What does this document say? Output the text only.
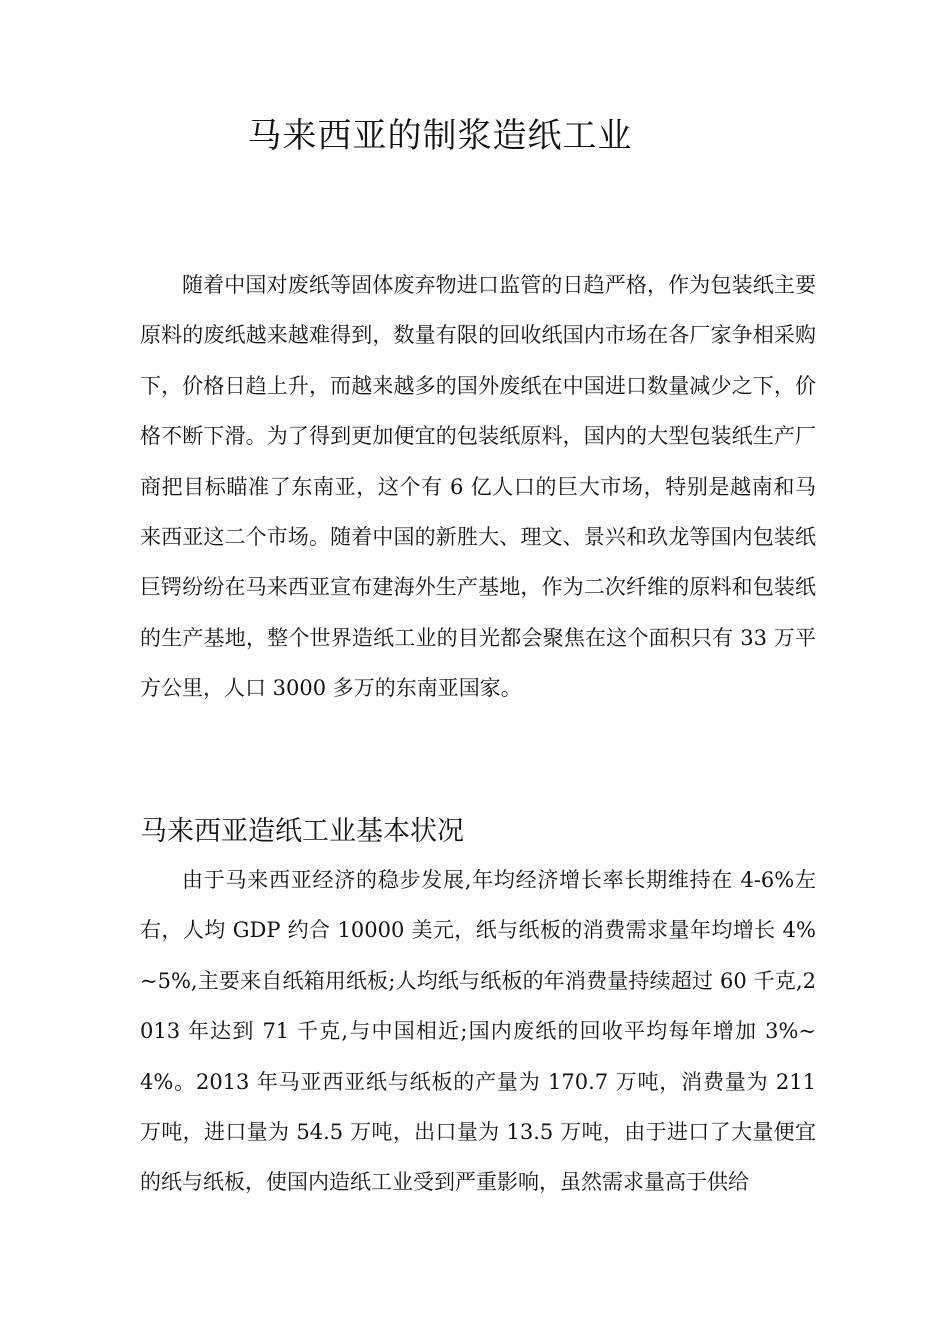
马来西亚的制浆造纸工业

随着中国对废纸等固体废弃物进口监管的日趋严格，作为包装纸主要原料的废纸越来越难得到，数量有限的回收纸国内市场在各厂家争相采购下，价格日趋上升，而越来越多的国外废纸在中国进口数量减少之下，价格不断下滑。为了得到更加便宜的包装纸原料，国内的大型包装纸生产厂商把目标瞄准了东南亚，这个有 6 亿人口的巨大市场，特别是越南和马来西亚这二个市场。随着中国的新胜大、理文、景兴和玖龙等国内包装纸巨锷纷纷在马来西亚宣布建海外生产基地，作为二次纤维的原料和包装纸的生产基地，整个世界造纸工业的目光都会聚焦在这个面积只有 33 万平方公里，人口 3000 多万的东南亚国家。

马来西亚造纸工业基本状况

由于马来西亚经济的稳步发展,年均经济增长率长期维持在 4-6%左右，人均 GDP 约合 10000 美元，纸与纸板的消费需求量年均增长 4%~5%,主要来自纸箱用纸板;人均纸与纸板的年消费量持续超过 60 千克,2013 年达到 71 千克,与中国相近;国内废纸的回收平均每年增加 3%~4%。2013 年马亚西亚纸与纸板的产量为 170.7 万吨，消费量为 211 万吨，进口量为 54.5 万吨，出口量为 13.5 万吨，由于进口了大量便宜的纸与纸板，使国内造纸工业受到严重影响，虽然需求量高于供给
